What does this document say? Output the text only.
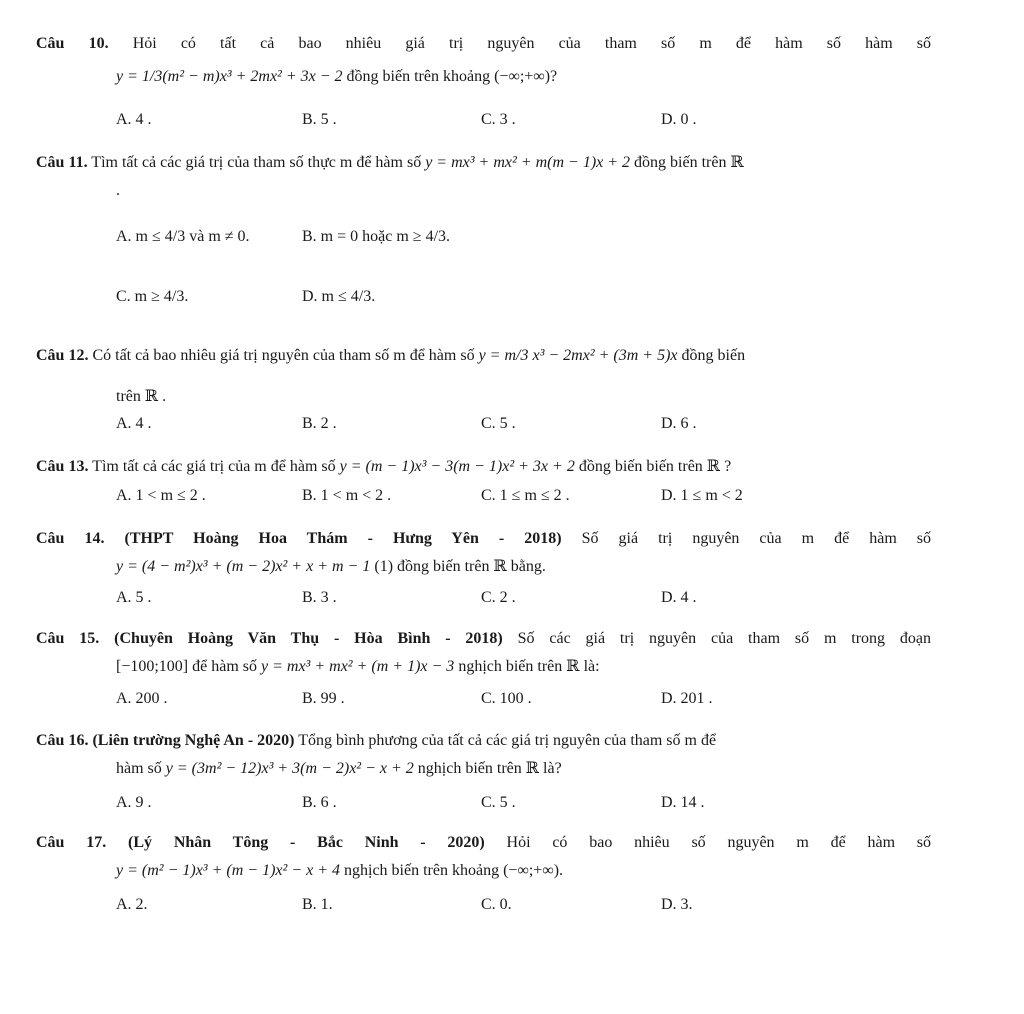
Câu 10. Hỏi có tất cả bao nhiêu giá trị nguyên của tham số m để hàm số hàm số
y = 1/3(m² − m)x³ + 2mx² + 3x − 2 đồng biến trên khoảng (−∞;+∞)?
A. 4 .	B. 5 .	C. 3 .	D. 0 .
Câu 11. Tìm tất cả các giá trị của tham số thực m để hàm số y = mx³ + mx² + m(m − 1)x + 2 đồng biến trên ℝ
.
A. m ≤ 4/3 và m ≠ 0.	B. m = 0 hoặc m ≥ 4/3.
C. m ≥ 4/3.	D. m ≤ 4/3.
Câu 12. Có tất cả bao nhiêu giá trị nguyên của tham số m để hàm số y = m/3 x³ − 2mx² + (3m + 5)x đồng biến
trên ℝ .
A. 4 .	B. 2 .	C. 5 .	D. 6 .
Câu 13. Tìm tất cả các giá trị của m để hàm số y = (m − 1)x³ − 3(m − 1)x² + 3x + 2 đồng biến biến trên ℝ ?
A. 1 < m ≤ 2 .	B. 1 < m < 2 .	C. 1 ≤ m ≤ 2 .	D. 1 ≤ m < 2
Câu 14. (THPT Hoàng Hoa Thám - Hưng Yên - 2018) Số giá trị nguyên của m để hàm số
y = (4 − m²)x³ + (m − 2)x² + x + m − 1 (1) đồng biến trên ℝ bằng.
A. 5 .	B. 3 .	C. 2 .	D. 4 .
Câu 15. (Chuyên Hoàng Văn Thụ - Hòa Bình - 2018) Số các giá trị nguyên của tham số m trong đoạn
[−100;100] để hàm số y = mx³ + mx² + (m + 1)x − 3 nghịch biến trên ℝ là:
A. 200 .	B. 99 .	C. 100 .	D. 201 .
Câu 16. (Liên trường Nghệ An - 2020) Tổng bình phương của tất cả các giá trị nguyên của tham số m để
hàm số y = (3m² − 12)x³ + 3(m − 2)x² − x + 2 nghịch biến trên ℝ là?
A. 9 .	B. 6 .	C. 5 .	D. 14 .
Câu 17. (Lý Nhân Tông - Bắc Ninh - 2020) Hỏi có bao nhiêu số nguyên m để hàm số
y = (m² − 1)x³ + (m − 1)x² − x + 4 nghịch biến trên khoảng (−∞;+∞).
A. 2.	B. 1.	C. 0.	D. 3.
